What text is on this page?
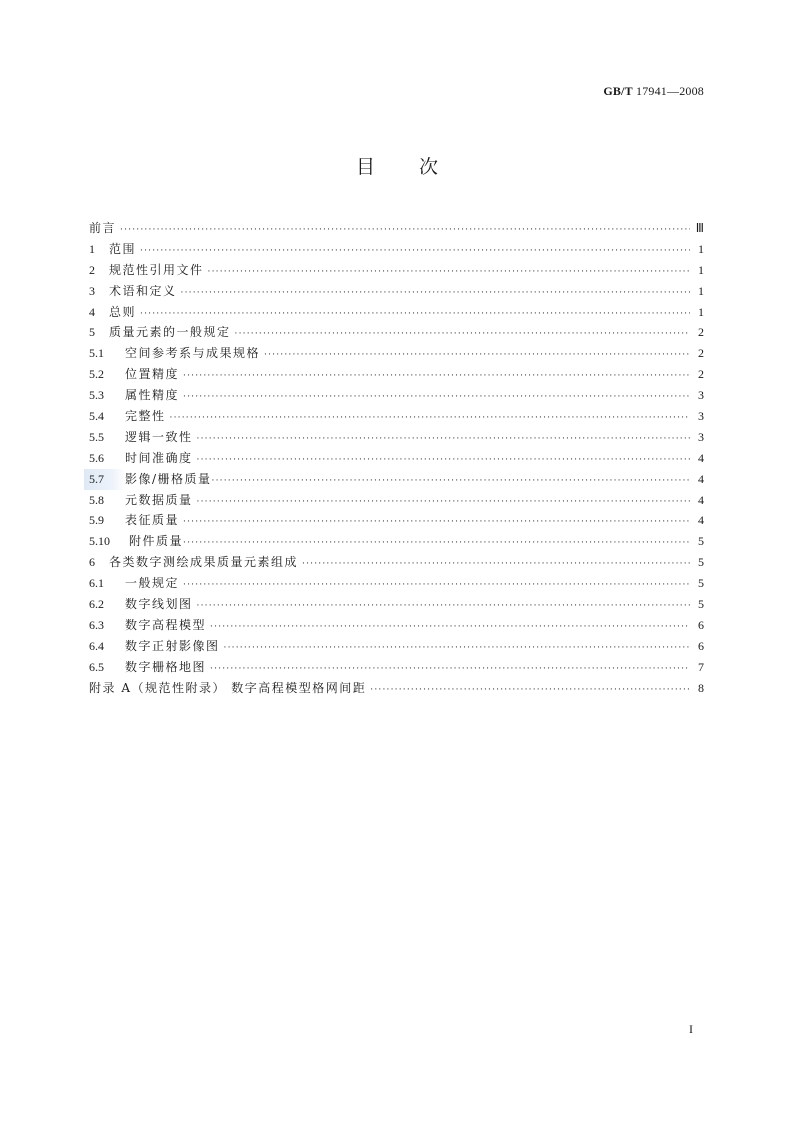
GB/T 17941—2008
目 次
前言 ·····	Ⅲ
1	范围 ·····	1
2	规范性引用文件 ·····	1
3	术语和定义 ·····	1
4	总则 ·····	1
5	质量元素的一般规定 ·····	2
5.1	空间参考系与成果规格 ·····	2
5.2	位置精度 ·····	2
5.3	属性精度 ·····	3
5.4	完整性 ·····	3
5.5	逻辑一致性 ·····	3
5.6	时间准确度 ·····	4
5.7	影像/栅格质量 ·····	4
5.8	元数据质量 ·····	4
5.9	表征质量 ·····	4
5.10	附件质量 ·····	5
6	各类数字测绘成果质量元素组成 ·····	5
6.1	一般规定 ·····	5
6.2	数字线划图 ·····	5
6.3	数字高程模型 ·····	6
6.4	数字正射影像图 ·····	6
6.5	数字栅格地图 ·····	7
附录 A（规范性附录） 数字高程模型格网间距 ·····	8
I
